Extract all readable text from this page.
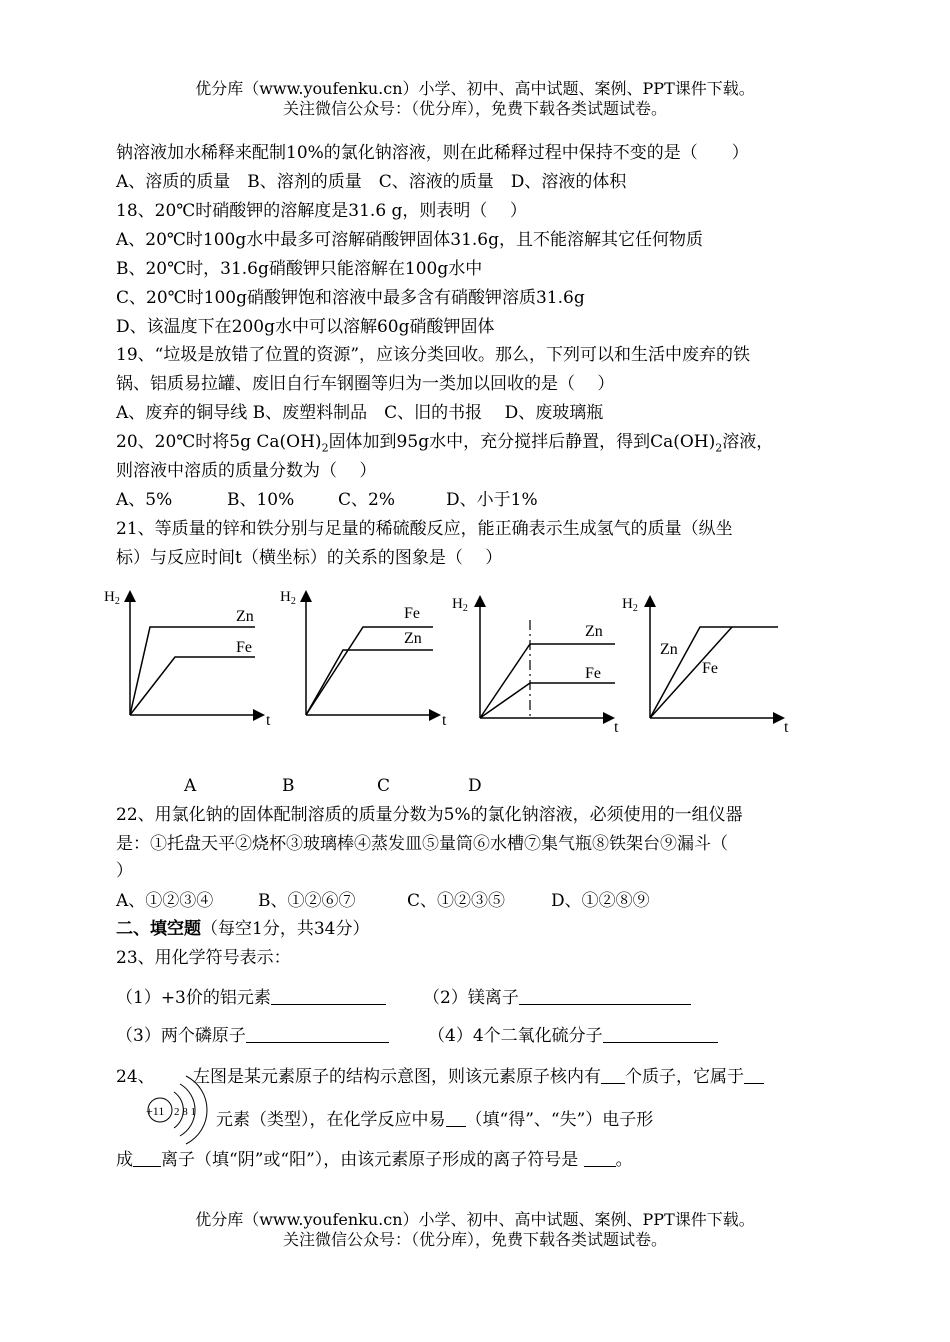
优分库（www.youfenku.cn）小学、初中、高中试题、案例、PPT课件下载。
关注微信公众号：（优分库），免费下载各类试题试卷。
钠溶液加水稀释来配制10%的氯化钠溶液，则在此稀释过程中保持不变的是（　　）
A、溶质的质量　B、溶剂的质量　C、溶液的质量　D、溶液的体积
18、20℃时硝酸钾的溶解度是31.6 g，则表明（　 ）
A、20℃时100g水中最多可溶解硝酸钾固体31.6g，且不能溶解其它任何物质
B、20℃时，31.6g硝酸钾只能溶解在100g水中
C、20℃时100g硝酸钾饱和溶液中最多含有硝酸钾溶质31.6g
D、该温度下在200g水中可以溶解60g硝酸钾固体
19、“垃圾是放错了位置的资源”，应该分类回收。那么，下列可以和生活中废弃的铁
锅、铝质易拉罐、废旧自行车钢圈等归为一类加以回收的是（　 ）
A、废弃的铜导线 B、废塑料制品　C、旧的书报　 D、废玻璃瓶
20、20℃时将5g $Ca(OH)_2$固体加到95g水中，充分搅拌后静置，得到$Ca(OH)_2$溶液，
则溶液中溶质的质量分数为（　 ）
A、5%	B、10%	C、2%	D、小于1%
21、等质量的锌和铁分别与足量的稀硫酸反应，能正确表示生成氢气的质量（纵坐
标）与反应时间t（横坐标）的关系的图象是（　 ）
$H_2$
t
Zn
Fe
$H_2$
t
Fe
Zn
$H_2$
t
Zn
Fe
$H_2$
t
Zn
Fe
A	B	C	D
22、用氯化钠的固体配制溶质的质量分数为5%的氯化钠溶液，必须使用的一组仪器
是：①托盘天平②烧杯③玻璃棒④蒸发皿⑤量筒⑥水槽⑦集气瓶⑧铁架台⑨漏斗（
）
A、①②③④	B、①②⑥⑦	C、①②③⑤	D、①②⑧⑨
二、填空题（每空1分，共34分）
23、用化学符号表示：
（1）+3价的铝元素	（2）镁离子
（3）两个磷原子	（4）4个二氧化硫分子
24、
+11 2 8 1
左图是某元素原子的结构示意图，则该元素原子核内有 个质子，它属于
元素（类型），在化学反应中易 （填“得”、“失”）电子形
成 离子（填“阴”或“阳”），由该元素原子形成的离子符号是 。
优分库（www.youfenku.cn）小学、初中、高中试题、案例、PPT课件下载。
关注微信公众号：（优分库），免费下载各类试题试卷。
